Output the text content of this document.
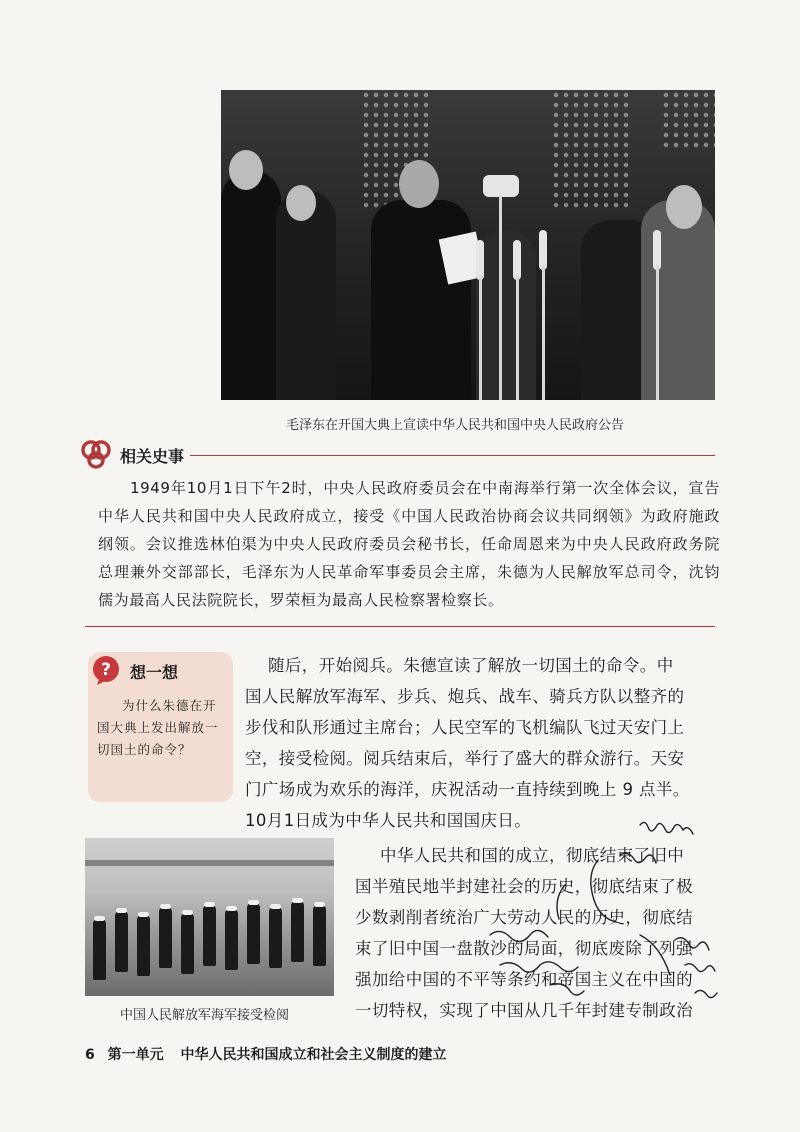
毛泽东在开国大典上宣读中华人民共和国中央人民政府公告
相关史事
1949年10月1日下午2时，中央人民政府委员会在中南海举行第一次全体会议，宣告中华人民共和国中央人民政府成立，接受《中国人民政治协商会议共同纲领》为政府施政纲领。会议推选林伯渠为中央人民政府委员会秘书长，任命周恩来为中央人民政府政务院总理兼外交部部长，毛泽东为人民革命军事委员会主席，朱德为人民解放军总司令，沈钧儒为最高人民法院院长，罗荣桓为最高人民检察署检察长。
? 想一想
为什么朱德在开国大典上发出解放一切国土的命令？
随后，开始阅兵。朱德宣读了解放一切国土的命令。中
国人民解放军海军、步兵、炮兵、战车、骑兵方队以整齐的
步伐和队形通过主席台；人民空军的飞机编队飞过天安门上
空，接受检阅。阅兵结束后，举行了盛大的群众游行。天安
门广场成为欢乐的海洋，庆祝活动一直持续到晚上 9 点半。
10月1日成为中华人民共和国国庆日。
中华人民共和国的成立，彻底结束了旧中
国半殖民地半封建社会的历史，彻底结束了极
少数剥削者统治广大劳动人民的历史，彻底结
束了旧中国一盘散沙的局面，彻底废除了列强
强加给中国的不平等条约和帝国主义在中国的
一切特权，实现了中国从几千年封建专制政治
中国人民解放军海军接受检阅
6 第一单元 中华人民共和国成立和社会主义制度的建立
